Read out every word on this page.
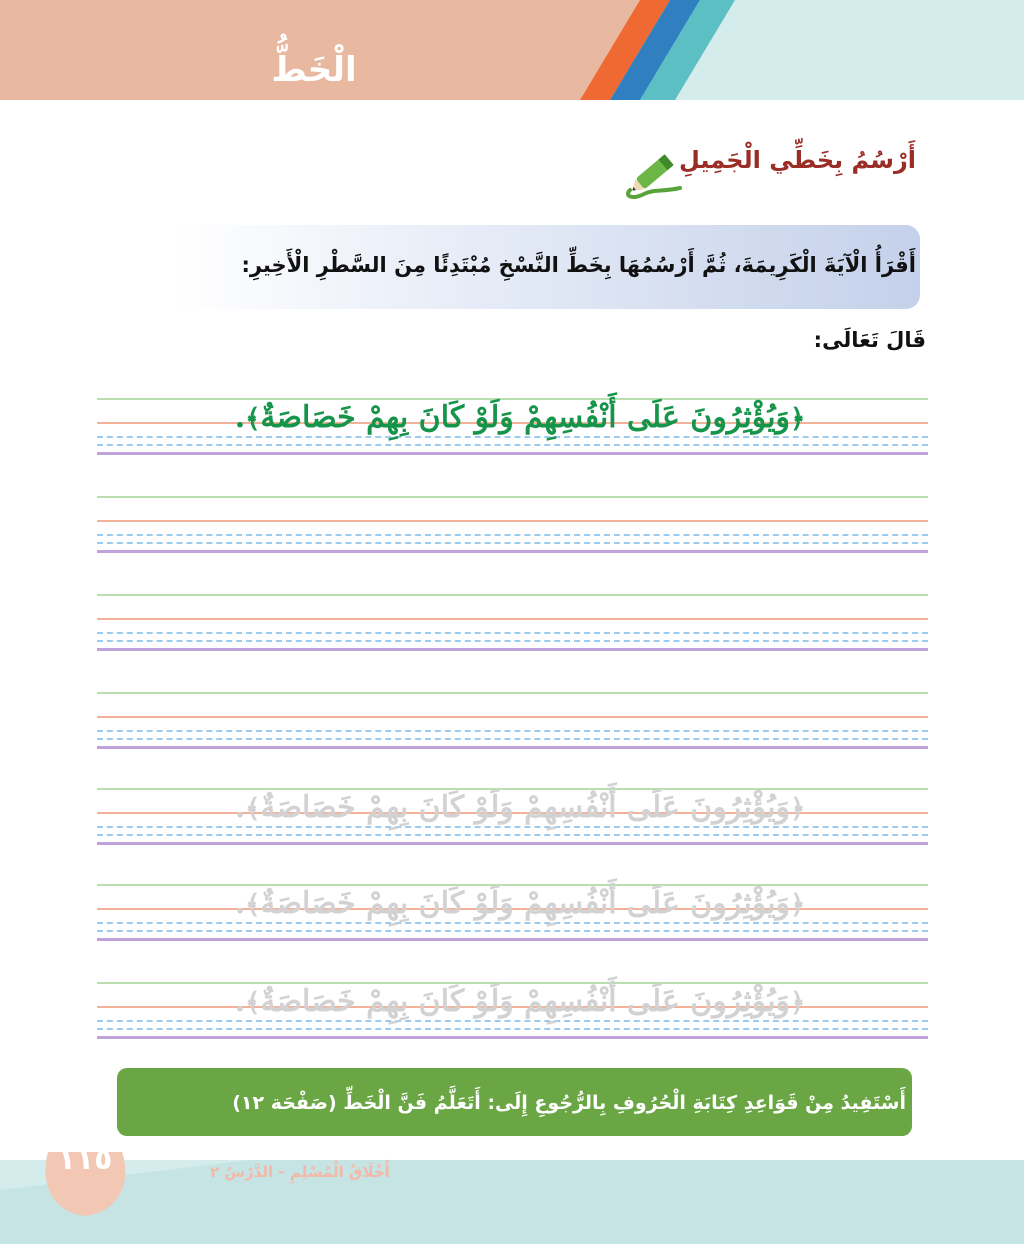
الْخَطُّ
أَرْسُمُ بِخَطِّي الْجَمِيلِ
أَقْرَأُ الْآيَةَ الْكَرِيمَةَ، ثُمَّ أَرْسُمُهَا بِخَطِّ النَّسْخِ مُبْتَدِئًا مِنَ السَّطْرِ الْأَخِيرِ:
قَالَ تَعَالَى:
﴿وَيُؤْثِرُونَ عَلَى أَنْفُسِهِمْ وَلَوْ كَانَ بِهِمْ خَصَاصَةٌ﴾.
﴿وَيُؤْثِرُونَ عَلَى أَنْفُسِهِمْ وَلَوْ كَانَ بِهِمْ خَصَاصَةٌ﴾.
﴿وَيُؤْثِرُونَ عَلَى أَنْفُسِهِمْ وَلَوْ كَانَ بِهِمْ خَصَاصَةٌ﴾.
﴿وَيُؤْثِرُونَ عَلَى أَنْفُسِهِمْ وَلَوْ كَانَ بِهِمْ خَصَاصَةٌ﴾.
أَسْتَفِيدُ مِنْ قَوَاعِدِ كِتَابَةِ الْحُرُوفِ بِالرُّجُوعِ إِلَى: أَتَعَلَّمُ فَنَّ الْخَطِّ (صَفْحَة ١٢)
١١٥	أَخْلَاقُ الْمُسْلِمِ - الدَّرْسُ ٢
